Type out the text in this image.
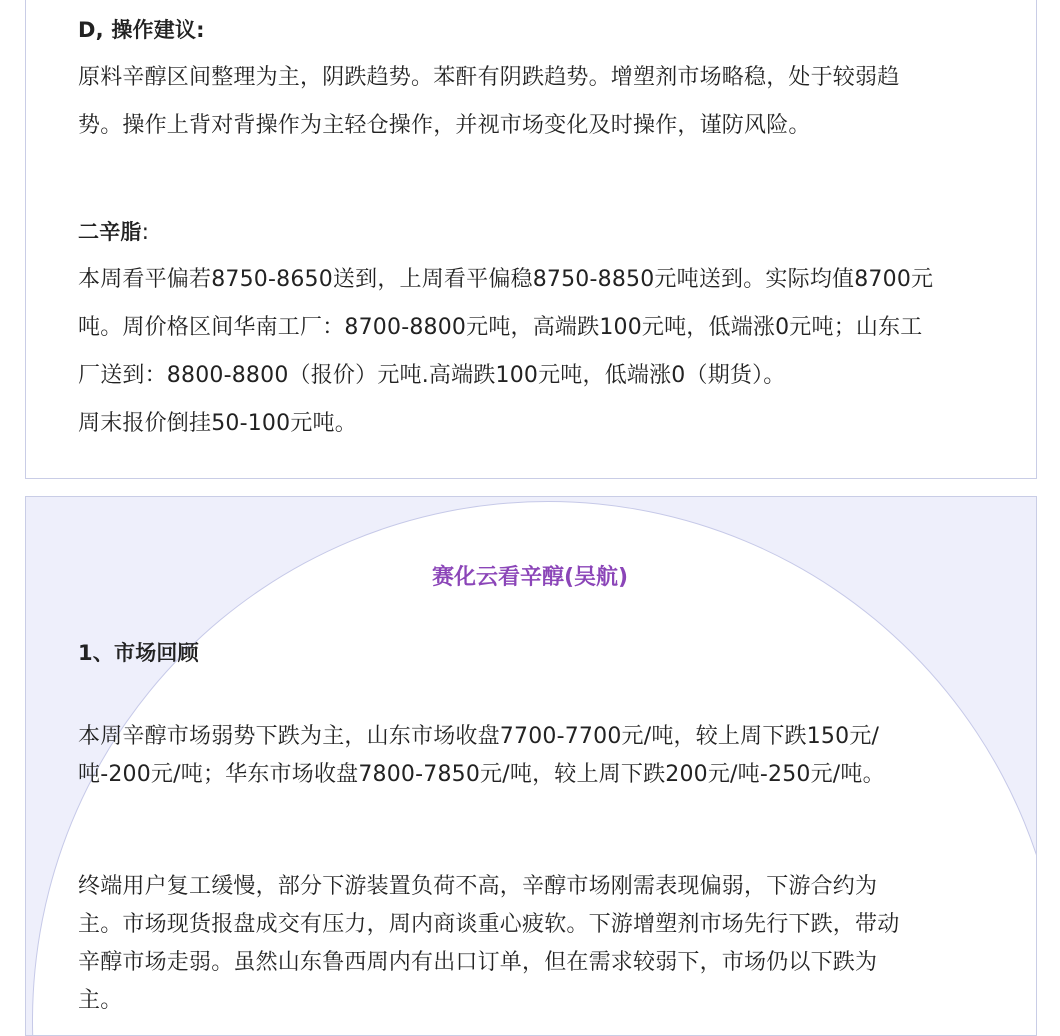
D, 操作建议:

原料辛醇区间整理为主，阴跌趋势。苯酐有阴跌趋势。增塑剂市场略稳，处于较弱趋

势。操作上背对背操作为主轻仓操作，并视市场变化及时操作，谨防风险。

二辛脂:

本周看平偏若8750-8650送到，上周看平偏稳8750-8850元吨送到。实际均值8700元

吨。周价格区间华南工厂：8700-8800元吨，高端跌100元吨，低端涨0元吨；山东工

厂送到：8800-8800（报价）元吨.高端跌100元吨，低端涨0（期货）。

周末报价倒挂50-100元吨。

赛化云看辛醇(吴航)
1、市场回顾

本周辛醇市场弱势下跌为主，山东市场收盘7700-7700元/吨，较上周下跌150元/

吨-200元/吨；华东市场收盘7800-7850元/吨，较上周下跌200元/吨-250元/吨。

终端用户复工缓慢，部分下游装置负荷不高，辛醇市场刚需表现偏弱，下游合约为

主。市场现货报盘成交有压力，周内商谈重心疲软。下游增塑剂市场先行下跌，带动

辛醇市场走弱。虽然山东鲁西周内有出口订单，但在需求较弱下，市场仍以下跌为

主。
